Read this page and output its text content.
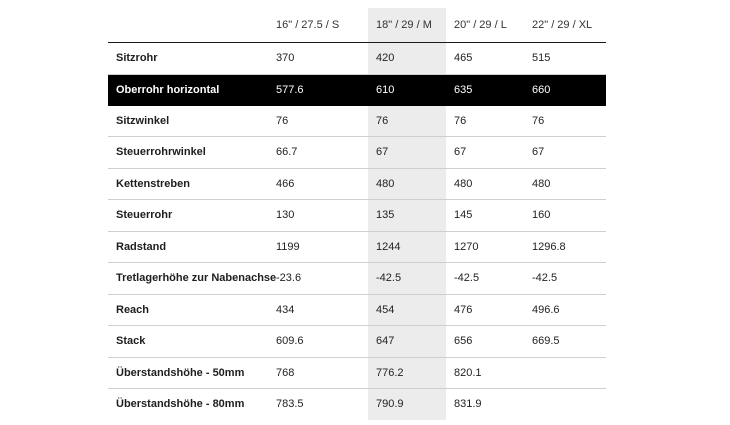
	16" / 27.5 / S	18" / 29 / M	20" / 29 / L	22" / 29 / XL
Sitzrohr	370	420	465	515
Oberrohr horizontal	577.6	610	635	660
Sitzwinkel	76	76	76	76
Steuerrohrwinkel	66.7	67	67	67
Kettenstreben	466	480	480	480
Steuerrohr	130	135	145	160
Radstand	1199	1244	1270	1296.8
Tretlagerhöhe zur Nabenachse	-23.6	-42.5	-42.5	-42.5
Reach	434	454	476	496.6
Stack	609.6	647	656	669.5
Überstandshöhe - 50mm	768	776.2	820.1	
Überstandshöhe - 80mm	783.5	790.9	831.9	
